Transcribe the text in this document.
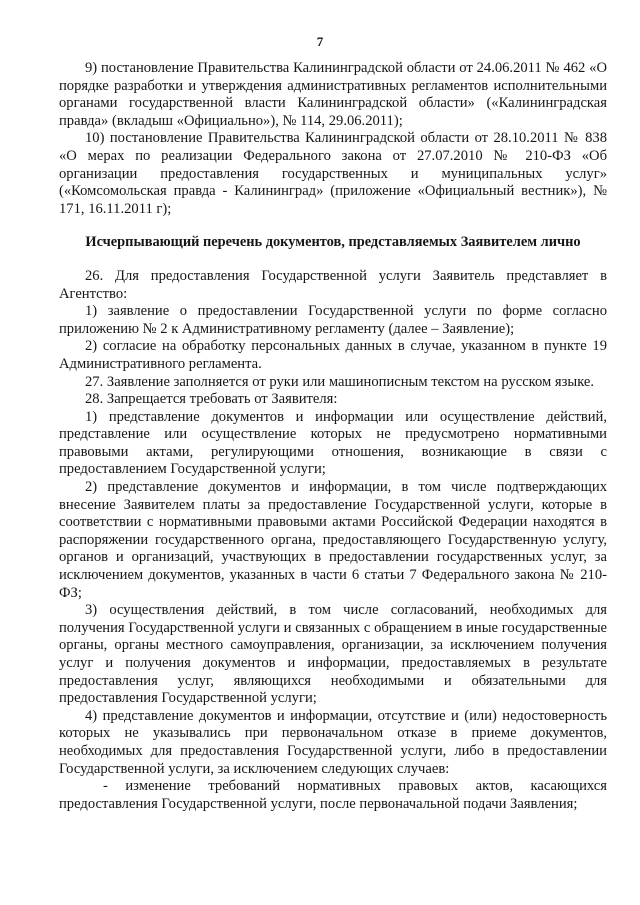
7

9) постановление Правительства Калининградской области от 24.06.2011 № 462 «О порядке разработки и утверждения административных регламентов исполнительными органами государственной власти Калининградской области» («Калининградская правда» (вкладыш «Официально»), № 114, 29.06.2011);

10) постановление Правительства Калининградской области от 28.10.2011 № 838 «О мерах по реализации Федерального закона от 27.07.2010 № 210-ФЗ «Об организации предоставления государственных и муниципальных услуг» («Комсомольская правда - Калининград» (приложение «Официальный вестник»), № 171, 16.11.2011 г);

Исчерпывающий перечень документов, представляемых Заявителем лично

26. Для предоставления Государственной услуги Заявитель представляет в Агентство:

1) заявление о предоставлении Государственной услуги по форме согласно приложению № 2 к Административному регламенту (далее – Заявление);

2) согласие на обработку персональных данных в случае, указанном в пункте 19 Административного регламента.

27. Заявление заполняется от руки или машинописным текстом на русском языке.

28. Запрещается требовать от Заявителя:

1) представление документов и информации или осуществление действий, представление или осуществление которых не предусмотрено нормативными правовыми актами, регулирующими отношения, возникающие в связи с предоставлением Государственной услуги;

2) представление документов и информации, в том числе подтверждающих внесение Заявителем платы за предоставление Государственной услуги, которые в соответствии с нормативными правовыми актами Российской Федерации находятся в распоряжении государственного органа, предоставляющего Государственную услугу, органов и организаций, участвующих в предоставлении государственных услуг, за исключением документов, указанных в части 6 статьи 7 Федерального закона № 210-ФЗ;

3) осуществления действий, в том числе согласований, необходимых для получения Государственной услуги и связанных с обращением в иные государственные органы, органы местного самоуправления, организации, за исключением получения услуг и получения документов и информации, предоставляемых в результате предоставления услуг, являющихся необходимыми и обязательными для предоставления Государственной услуги;

4) представление документов и информации, отсутствие и (или) недостоверность которых не указывались при первоначальном отказе в приеме документов, необходимых для предоставления Государственной услуги, либо в предоставлении Государственной услуги, за исключением следующих случаев:

- изменение требований нормативных правовых актов, касающихся предоставления Государственной услуги, после первоначальной подачи Заявления;
